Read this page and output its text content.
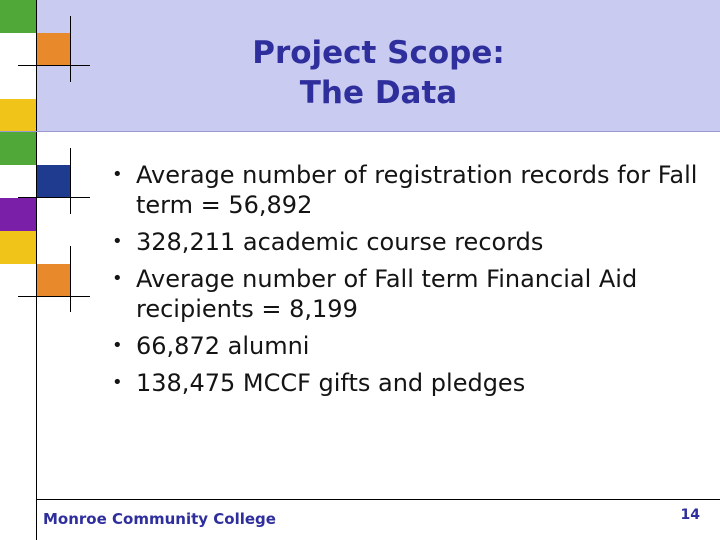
Project Scope:
The Data
• Average number of registration records for Fall term = 56,892
• 328,211 academic course records
• Average number of Fall term Financial Aid recipients = 8,199
• 66,872 alumni
• 138,475 MCCF gifts and pledges
Monroe Community College	14
